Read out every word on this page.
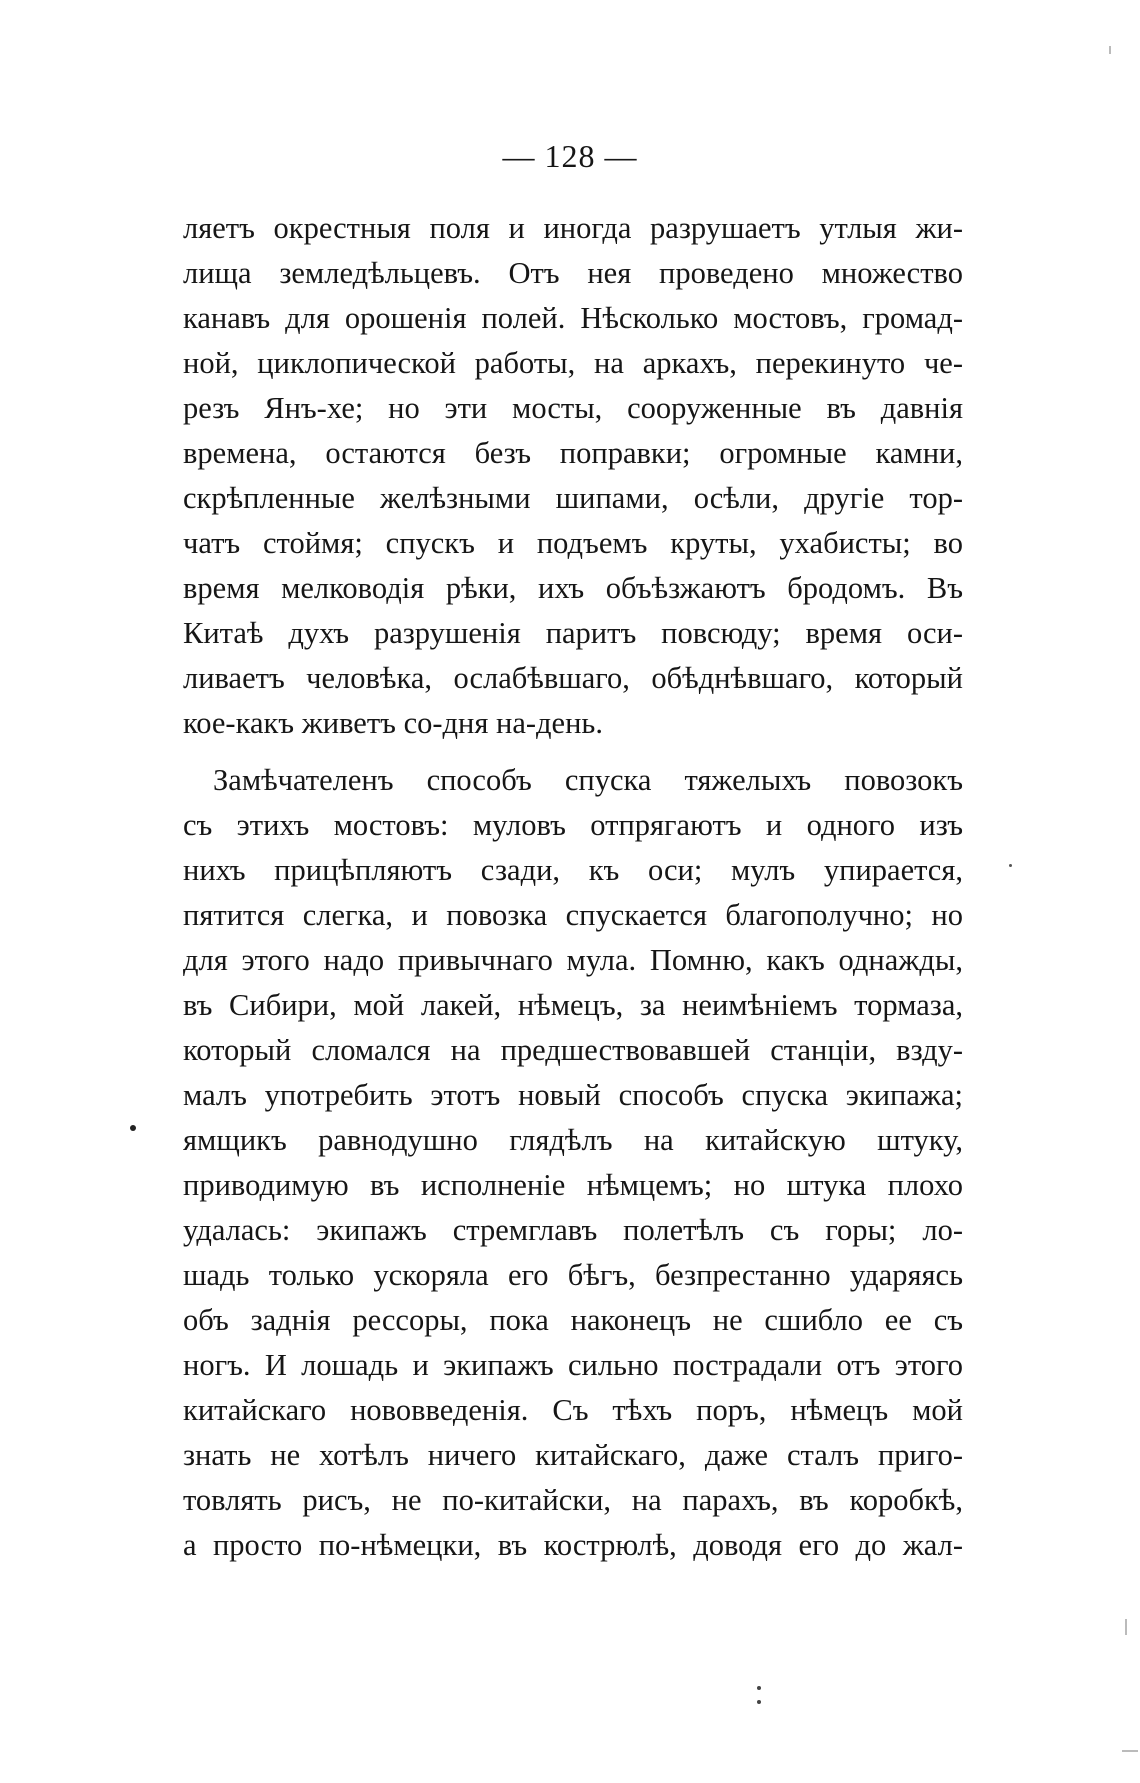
— 128 —
ляетъ окрестныя поля и иногда разрушаетъ утлыя жи-
лища земледѣльцевъ. Отъ нея проведено множество
канавъ для орошенія полей. Нѣсколько мостовъ, громад-
ной, циклопической работы, на аркахъ, перекинуто че-
резъ Янъ-хе; но эти мосты, сооруженные въ давнія
времена, остаются безъ поправки; огромные камни,
скрѣпленные желѣзными шипами, осѣли, другіе тор-
чатъ стоймя; спускъ и подъемъ круты, ухабисты; во
время мелководія рѣки, ихъ объѣзжаютъ бродомъ. Въ
Китаѣ духъ разрушенія паритъ повсюду; время оси-
ливаетъ человѣка, ослабѣвшаго, обѣднѣвшаго, который
кое-какъ живетъ со-дня на-день.
Замѣчателенъ способъ спуска тяжелыхъ повозокъ
съ этихъ мостовъ: муловъ отпрягаютъ и одного изъ
нихъ прицѣпляютъ сзади, къ оси; мулъ упирается,
пятится слегка, и повозка спускается благополучно; но
для этого надо привычнаго мула. Помню, какъ однажды,
въ Сибири, мой лакей, нѣмецъ, за неимѣніемъ тормаза,
который сломался на предшествовавшей станціи, взду-
малъ употребить этотъ новый способъ спуска экипажа;
ямщикъ равнодушно глядѣлъ на китайскую штуку,
приводимую въ исполненіе нѣмцемъ; но штука плохо
удалась: экипажъ стремглавъ полетѣлъ съ горы; ло-
шадь только ускоряла его бѣгъ, безпрестанно ударяясь
объ заднія рессоры, пока наконецъ не сшибло ее съ
ногъ. И лошадь и экипажъ сильно пострадали отъ этого
китайскаго нововведенія. Съ тѣхъ поръ, нѣмецъ мой
знать не хотѣлъ ничего китайскаго, даже сталъ приго-
товлять рисъ, не по-китайски, на парахъ, въ коробкѣ,
а просто по-нѣмецки, въ кострюлѣ, доводя его до жал-
